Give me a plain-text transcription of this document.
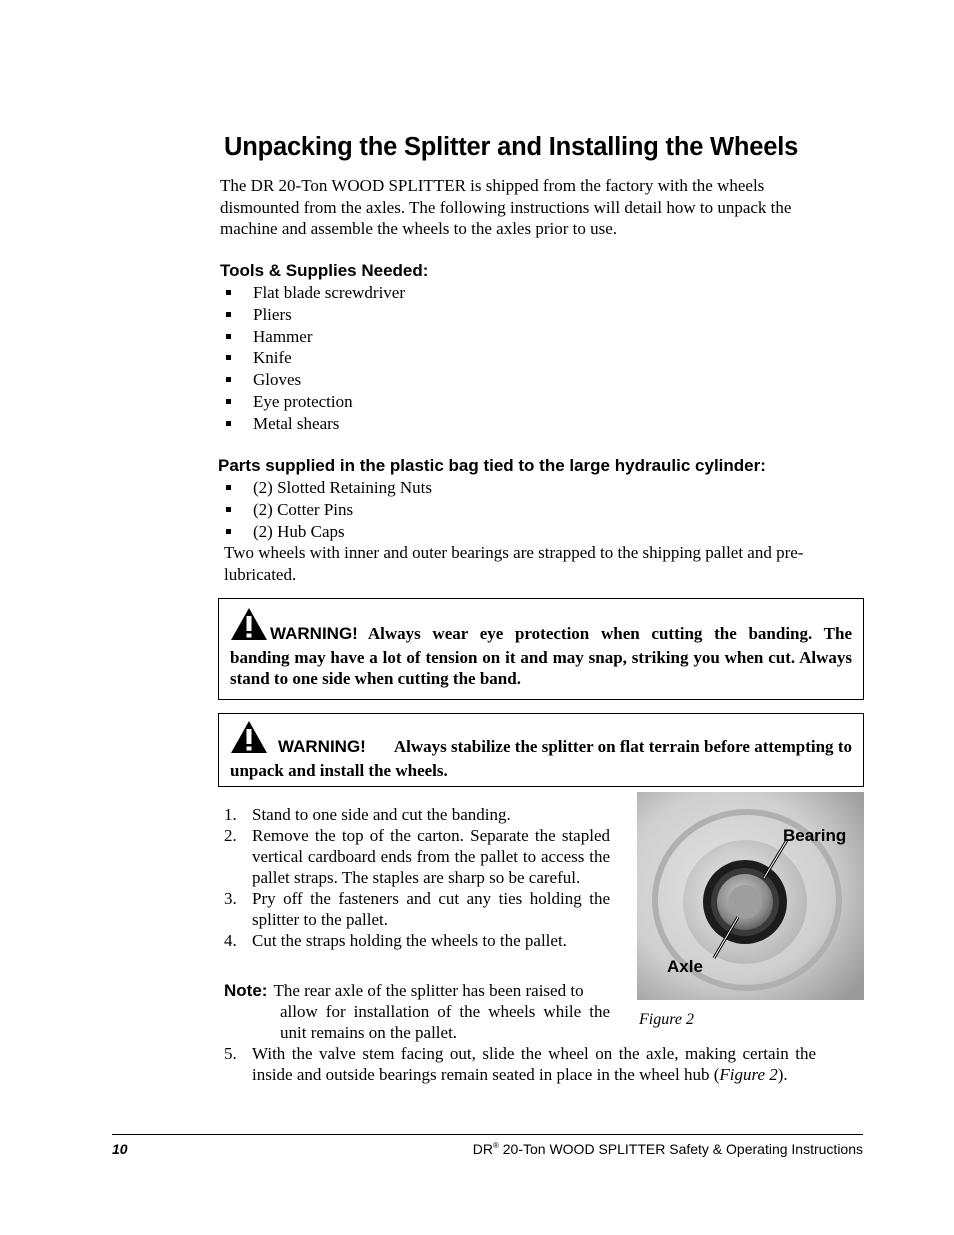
Unpacking the Splitter and Installing the Wheels
The DR 20-Ton WOOD SPLITTER is shipped from the factory with the wheels dismounted from the axles. The following instructions will detail how to unpack the machine and assemble the wheels to the axles prior to use.
Tools & Supplies Needed:
Flat blade screwdriver
Pliers
Hammer
Knife
Gloves
Eye protection
Metal shears
Parts supplied in the plastic bag tied to the large hydraulic cylinder:
(2) Slotted Retaining Nuts
(2) Cotter Pins
(2) Hub Caps
Two wheels with inner and outer bearings are strapped to the shipping pallet and pre-lubricated.
WARNING! Always wear eye protection when cutting the banding. The banding may have a lot of tension on it and may snap, striking you when cut. Always stand to one side when cutting the band.
WARNING! Always stabilize the splitter on flat terrain before attempting to unpack and install the wheels.
1. Stand to one side and cut the banding.
2. Remove the top of the carton. Separate the stapled vertical cardboard ends from the pallet to access the pallet straps. The staples are sharp so be careful.
3. Pry off the fasteners and cut any ties holding the splitter to the pallet.
4. Cut the straps holding the wheels to the pallet.
Note: The rear axle of the splitter has been raised to
allow for installation of the wheels while the unit remains on the pallet.
Bearing
Axle
Figure 2
5. With the valve stem facing out, slide the wheel on the axle, making certain the inside and outside bearings remain seated in place in the wheel hub (Figure 2).
10	DR® 20-Ton WOOD SPLITTER Safety & Operating Instructions
